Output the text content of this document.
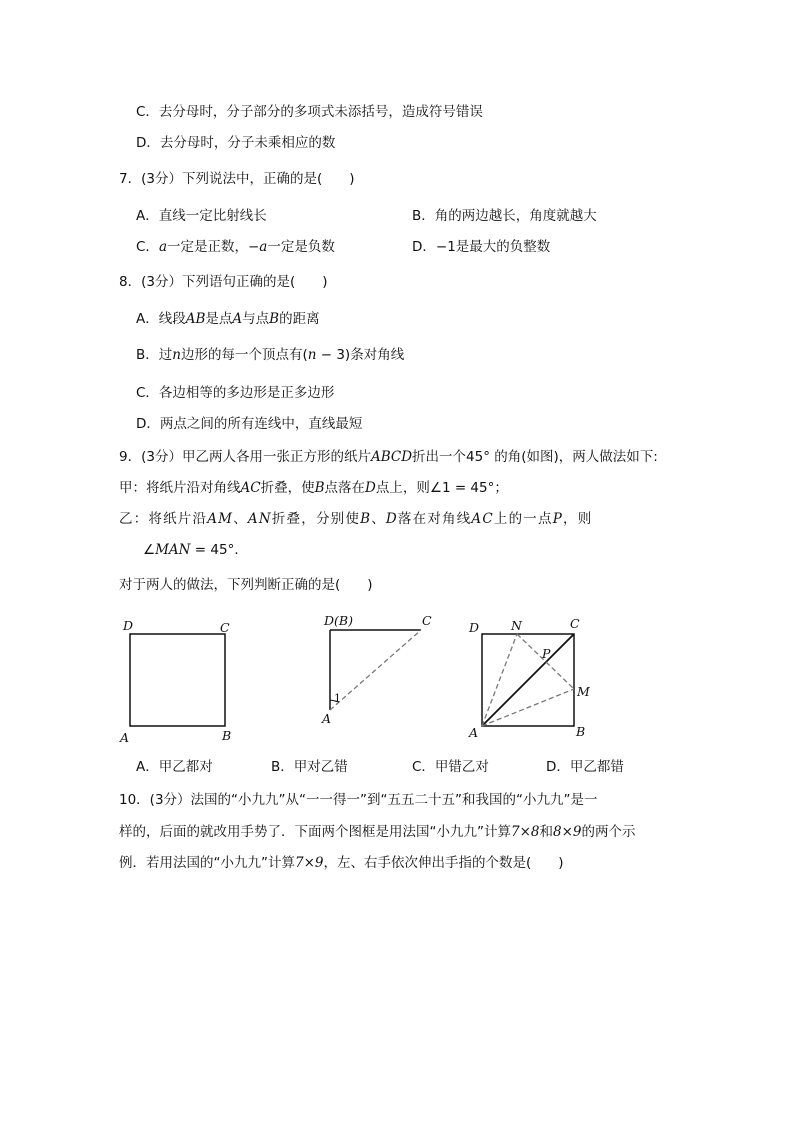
C．去分母时，分子部分的多项式未添括号，造成符号错误
D．去分母时，分子未乘相应的数
7．(3分）下列说法中，正确的是(　　)
A．直线一定比射线长	B．角的两边越长，角度就越大
C．a一定是正数，−a一定是负数	D．−1是最大的负整数
8．(3分）下列语句正确的是(　　)
A．线段AB是点A与点B的距离
B．过n边形的每一个顶点有(n − 3)条对角线
C．各边相等的多边形是正多边形
D．两点之间的所有连线中，直线最短
9．(3分）甲乙两人各用一张正方形的纸片ABCD折出一个45° 的角(如图)，两人做法如下:
甲：将纸片沿对角线AC折叠，使B点落在D点上，则∠1 = 45°；
乙：将纸片沿AM、AN折叠，分别使B、D落在对角线AC上的一点P，则
∠MAN = 45°．
对于两人的做法，下列判断正确的是(　　)
D	C
A	B
D(B)	C
A
1
D	N	C
P
M
A	B
A．甲乙都对	B．甲对乙错	C．甲错乙对	D．甲乙都错
10．(3分）法国的“小九九”从“一一得一”到“五五二十五”和我国的“小九九”是一
样的，后面的就改用手势了．下面两个图框是用法国“小九九”计算7×8和8×9的两个示
例．若用法国的“小九九”计算7×9，左、右手依次伸出手指的个数是(　　)
